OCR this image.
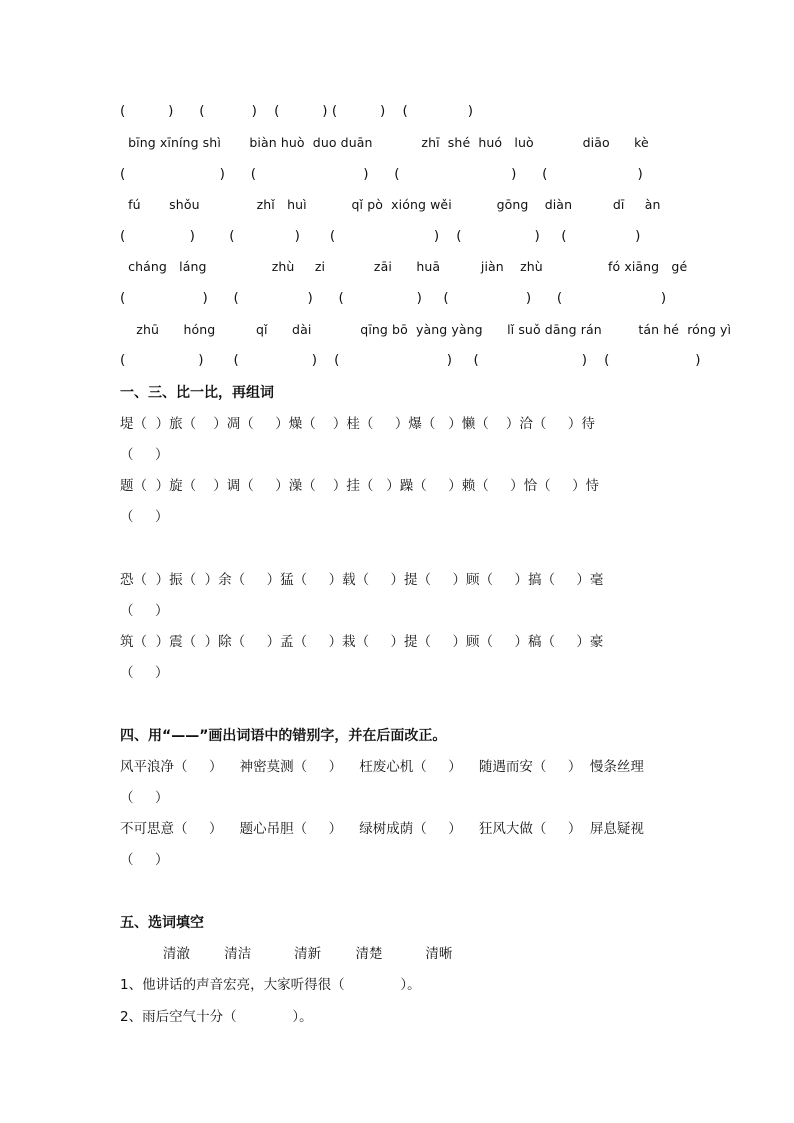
(          )      (           )    (          ) (          )    (              )
bīng xīníng shì       biàn huò  duo duān            zhī  shé  huó   luò            diāo      kè
(                      )      (                         )      (                          )      (                     )
fú       shǒu              zhǐ   huì           qǐ pò  xióng wěi           gōng    diàn          dī     àn
(               )        (              )       (                       )    (                 )     (                )
cháng   láng                zhù     zi            zāi      huā          jiàn    zhù                fó xiāng   gé
(                  )      (                )      (                 )     (                  )      (                       )
zhū      hóng          qǐ      dài            qīng bō  yàng yàng      lǐ suǒ dāng rán         tán hé  róng yì
(                 )       (                 )    (                         )     (                        )    (                    )
一、三、比一比，再组词
堤（  ）旅（    ）凋（     ）燥（    ）桂（     ）爆（   ）懒（    ）洽（     ）待
（     ）
题（  ）旋（    ）调（     ）澡（    ）挂（   ）躁（     ）赖（     ）恰（     ）恃
（     ）
恐（  ）振（  ）余（     ）猛（     ）载（     ）提（     ）顾（     ）搞（     ）毫
（     ）
筑（  ）震（  ）除（     ）孟（     ）栽（     ）提（     ）顾（     ）稿（     ）豪
（     ）
四、用“——”画出词语中的错别字，并在后面改正。
风平浪净（     ）    神密莫测（     ）    枉废心机（     ）    随遇而安（     ）  慢条丝理
（     ）
不可思意（     ）    题心吊胆（     ）    绿树成荫（     ）    狂风大做（     ）  屏息疑视
（     ）
五、选词填空
清澈        清洁          清新        清楚          清晰
1、他讲话的声音宏亮，大家听得很（             ）。
2、雨后空气十分（             ）。
